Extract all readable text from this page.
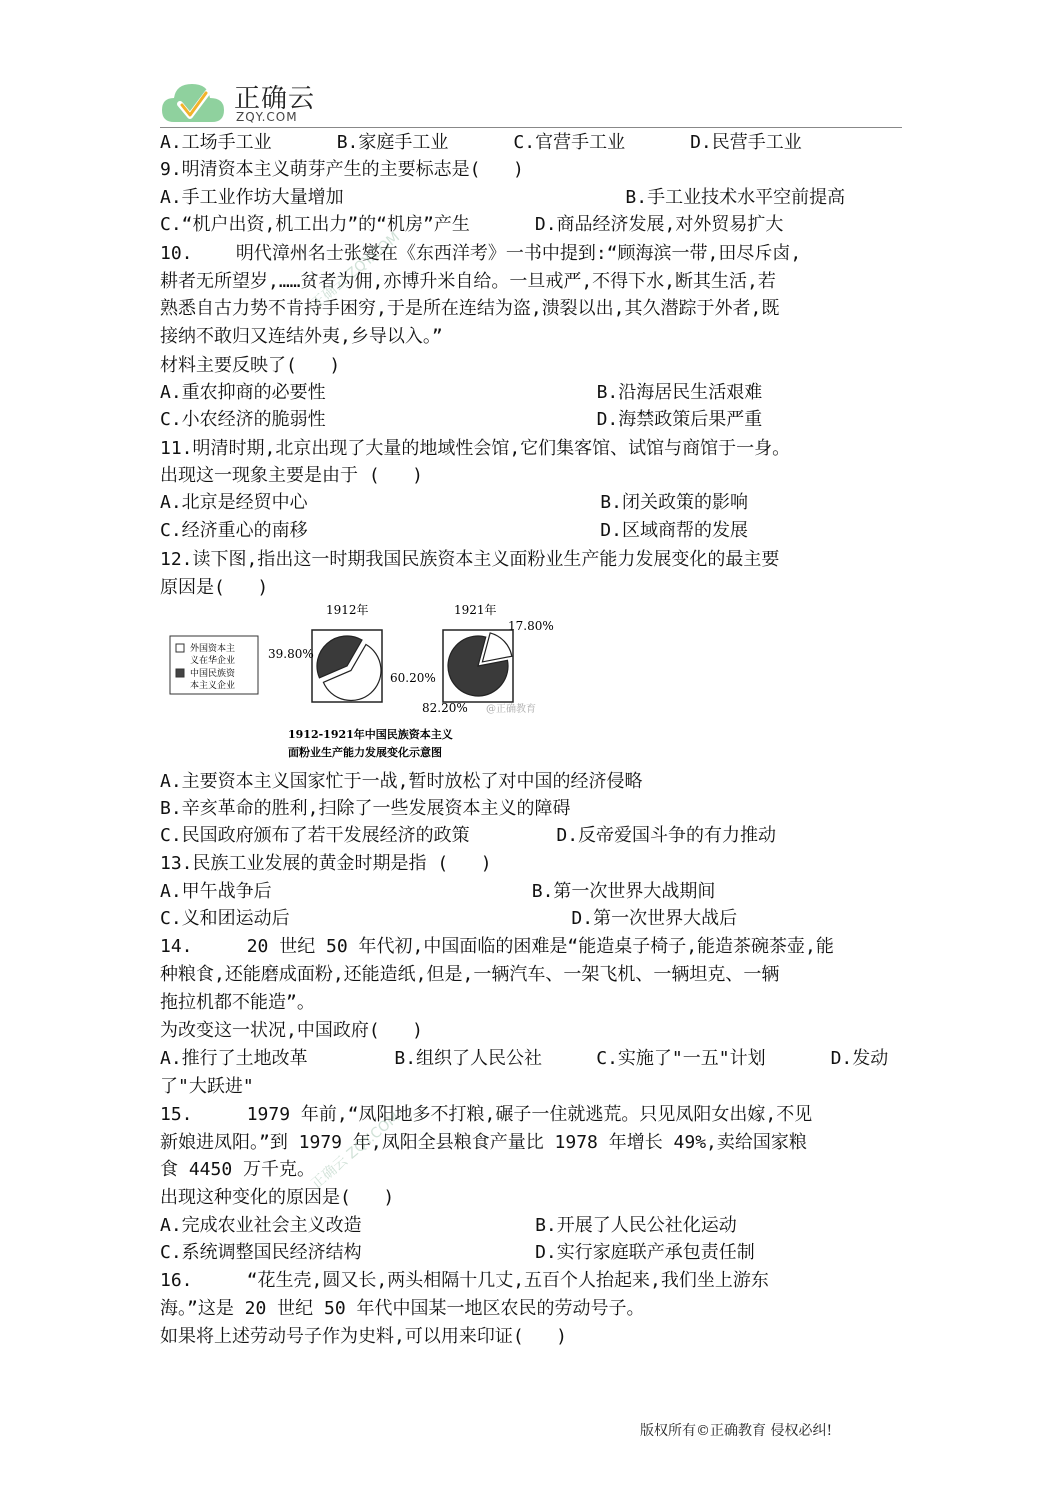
正确云
ZQY.COM
A.工场手工业      B.家庭手工业      C.官营手工业      D.民营手工业
9.明清资本主义萌芽产生的主要标志是(   )
A.手工业作坊大量增加                          B.手工业技术水平空前提高
C.“机户出资,机工出力”的“机房”产生      D.商品经济发展,对外贸易扩大
10.    明代漳州名士张燮在《东西洋考》一书中提到:“顾海滨一带,田尽斥卤,
耕者无所望岁,……贫者为佣,亦博升米自给。一旦戒严,不得下水,断其生活,若
熟悉自古力势不肯持手困穷,于是所在连结为盗,溃裂以出,其久潜踪于外者,既
接纳不敢归又连结外夷,乡导以入。”
材料主要反映了(   )
A.重农抑商的必要性                         B.沿海居民生活艰难
C.小农经济的脆弱性                         D.海禁政策后果严重
11.明清时期,北京出现了大量的地域性会馆,它们集客馆、试馆与商馆于一身。
出现这一现象主要是由于 (   )
A.北京是经贸中心                           B.闭关政策的影响
C.经济重心的南移                           D.区域商帮的发展
12.读下图,指出这一时期我国民族资本主义面粉业生产能力发展变化的最主要
原因是(   )
A.主要资本主义国家忙于一战,暂时放松了对中国的经济侵略
B.辛亥革命的胜利,扫除了一些发展资本主义的障碍
C.民国政府颁布了若干发展经济的政策        D.反帝爱国斗争的有力推动
13.民族工业发展的黄金时期是指 (   )
A.甲午战争后                        B.第一次世界大战期间
C.义和团运动后                          D.第一次世界大战后
14.     20 世纪 50 年代初,中国面临的困难是“能造桌子椅子,能造茶碗茶壶,能
种粮食,还能磨成面粉,还能造纸,但是,一辆汽车、一架飞机、一辆坦克、一辆
拖拉机都不能造”。
为改变这一状况,中国政府(   )
A.推行了土地改革        B.组织了人民公社     C.实施了"一五"计划      D.发动
了"大跃进"
15.     1979 年前,“凤阳地多不打粮,碾子一住就逃荒。只见凤阳女出嫁,不见
新娘进凤阳。”到 1979 年,凤阳全县粮食产量比 1978 年增长 49%,卖给国家粮
食 4450 万千克。
出现这种变化的原因是(   )
A.完成农业社会主义改造                B.开展了人民公社化运动
C.系统调整国民经济结构                D.实行家庭联产承包责任制
16.     “花生壳,圆又长,两头相隔十几丈,五百个人抬起来,我们坐上游东
海。”这是 20 世纪 50 年代中国某一地区农民的劳动号子。
如果将上述劳动号子作为史料,可以用来印证(   )
正确云 ZQY.COM
正确云 ZQY.COM
外国资本主
义在华企业
中国民族资
本主义企业
1912年	1921年
39.80%
60.20%
17.80%
82.20% @正确教育
1912-1921年中国民族资本主义
面粉业生产能力发展变化示意图
版权所有©正确教育 侵权必纠!
